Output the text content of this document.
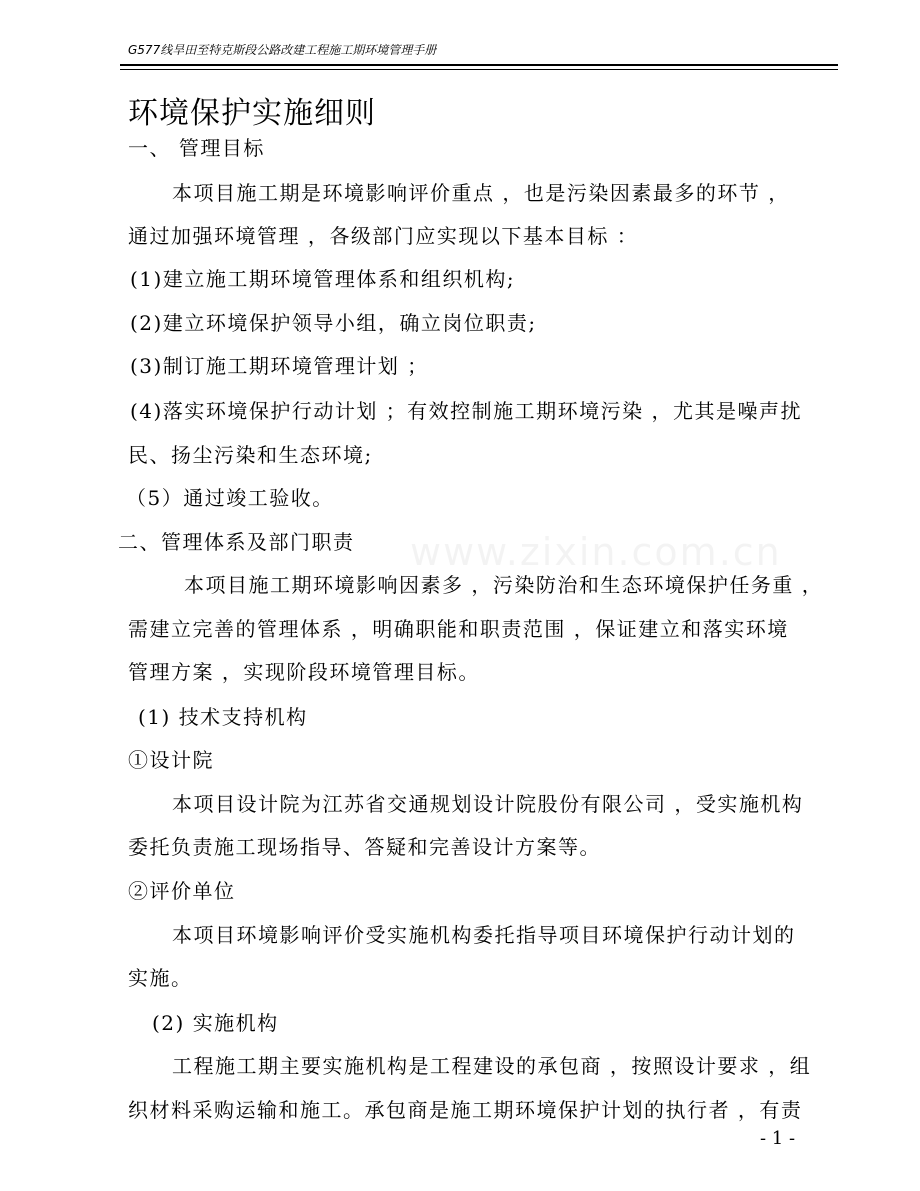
G577线旱田至特克斯段公路改建工程施工期环境管理手册
环境保护实施细则
一、 管理目标
本项目施工期是环境影响评价重点 ，也是污染因素最多的环节 ，
通过加强环境管理 ，各级部门应实现以下基本目标 ：
(1)建立施工期环境管理体系和组织机构;
(2)建立环境保护领导小组，确立岗位职责;
(3)制订施工期环境管理计划 ；
(4)落实环境保护行动计划 ；有效控制施工期环境污染 ，尤其是噪声扰
民、扬尘污染和生态环境;
（5）通过竣工验收。
二、管理体系及部门职责
本项目施工期环境影响因素多 ，污染防治和生态环境保护任务重 ，
需建立完善的管理体系 ，明确职能和职责范围 ，保证建立和落实环境
管理方案 ，实现阶段环境管理目标。
(1) 技术支持机构
①设计院
本项目设计院为江苏省交通规划设计院股份有限公司 ，受实施机构
委托负责施工现场指导、答疑和完善设计方案等。
②评价单位
本项目环境影响评价受实施机构委托指导项目环境保护行动计划的
实施。
(2) 实施机构
工程施工期主要实施机构是工程建设的承包商 ，按照设计要求 ，组
织材料采购运输和施工。承包商是施工期环境保护计划的执行者 ，有责
- 1 -
